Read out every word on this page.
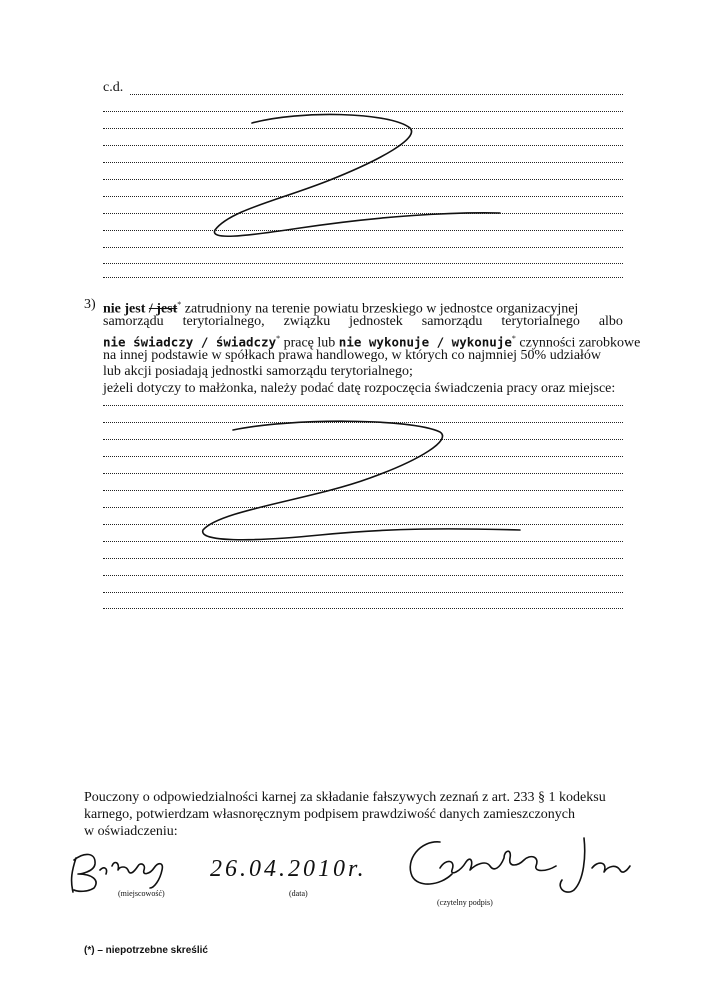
c.d.
3) nie jest / jest* zatrudniony na terenie powiatu brzeskiego w jednostce organizacyjnej
samorządu terytorialnego, związku jednostek samorządu terytorialnego albo
nie świadczy / świadczy* pracę lub nie wykonuje / wykonuje* czynności zarobkowe
na innej podstawie w spółkach prawa handlowego, w których co najmniej 50% udziałów
lub akcji posiadają jednostki samorządu terytorialnego;
jeżeli dotyczy to małżonka, należy podać datę rozpoczęcia świadczenia pracy oraz miejsce:
Pouczony o odpowiedzialności karnej za składanie fałszywych zeznań z art. 233 § 1 kodeksu
karnego, potwierdzam własnoręcznym podpisem prawdziwość danych zamieszczonych
w oświadczeniu:
26.04.2010r.
(miejscowość)	(data)
(czytelny podpis)
(*) – niepotrzebne skreślić
